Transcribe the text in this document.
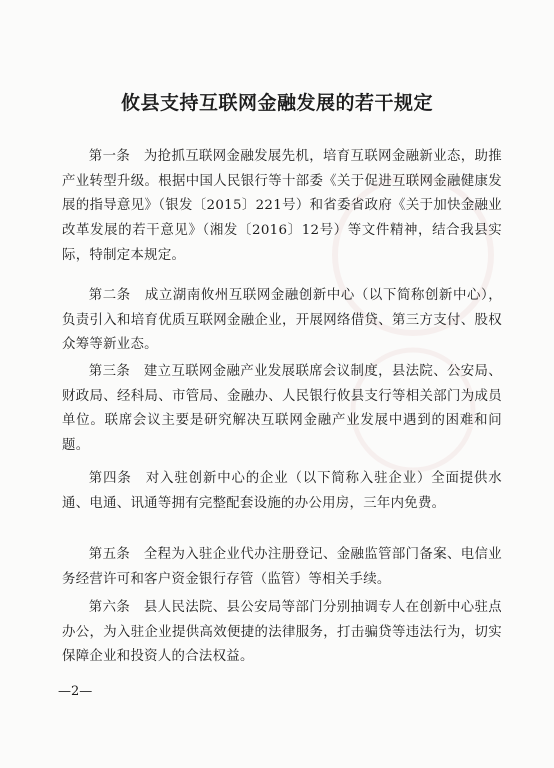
攸县支持互联网金融发展的若干规定

第一条　为抢抓互联网金融发展先机，培育互联网金融新业态，助推产业转型升级。根据中国人民银行等十部委《关于促进互联网金融健康发展的指导意见》（银发〔2015〕221号）和省委省政府《关于加快金融业改革发展的若干意见》（湘发〔2016〕12号）等文件精神，结合我县实际，特制定本规定。

第二条　成立湖南攸州互联网金融创新中心（以下简称创新中心），负责引入和培育优质互联网金融企业，开展网络借贷、第三方支付、股权众筹等新业态。

第三条　建立互联网金融产业发展联席会议制度，县法院、公安局、财政局、经科局、市管局、金融办、人民银行攸县支行等相关部门为成员单位。联席会议主要是研究解决互联网金融产业发展中遇到的困难和问题。

第四条　对入驻创新中心的企业（以下简称入驻企业）全面提供水通、电通、讯通等拥有完整配套设施的办公用房，三年内免费。

第五条　全程为入驻企业代办注册登记、金融监管部门备案、电信业务经营许可和客户资金银行存管（监管）等相关手续。

第六条　县人民法院、县公安局等部门分别抽调专人在创新中心驻点办公，为入驻企业提供高效便捷的法律服务，打击骗贷等违法行为，切实保障企业和投资人的合法权益。

—2—
